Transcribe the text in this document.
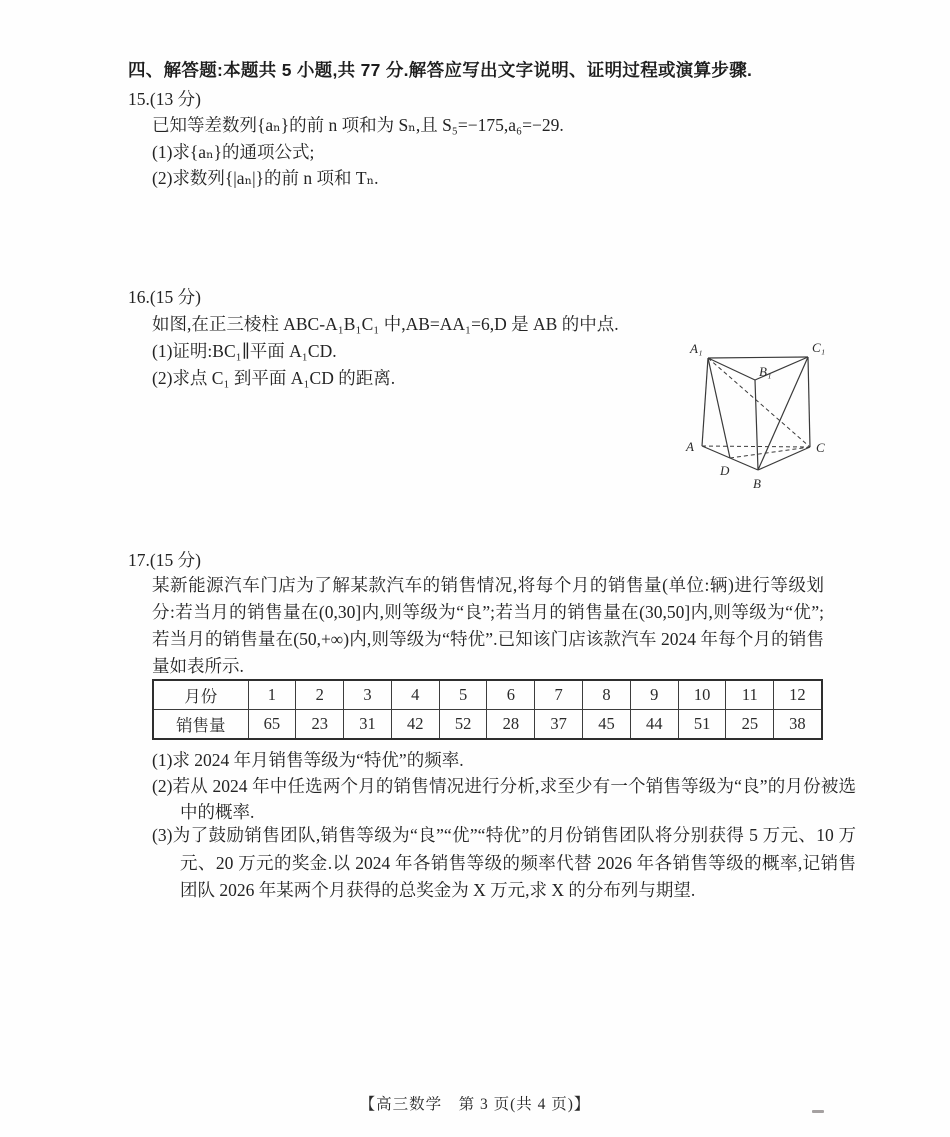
四、解答题:本题共 5 小题,共 77 分.解答应写出文字说明、证明过程或演算步骤.
15.(13 分)
已知等差数列{aₙ}的前 n 项和为 Sₙ,且 S₅=−175,a₆=−29.
(1)求{aₙ}的通项公式;
(2)求数列{|aₙ|}的前 n 项和 Tₙ.
16.(15 分)
如图,在正三棱柱 ABC-A₁B₁C₁ 中,AB=AA₁=6,D 是 AB 的中点.
(1)证明:BC₁∥平面 A₁CD.
(2)求点 C₁ 到平面 A₁CD 的距离.
A₁	C₁
B₁
A	C
D
B
17.(15 分)
某新能源汽车门店为了解某款汽车的销售情况,将每个月的销售量(单位:辆)进行等级划分:若当月的销售量在(0,30]内,则等级为“良”;若当月的销售量在(30,50]内,则等级为“优”;若当月的销售量在(50,+∞)内,则等级为“特优”.已知该门店该款汽车 2024 年每个月的销售量如表所示.
月份	1	2	3	4	5	6	7	8	9	10	11	12
销售量	65	23	31	42	52	28	37	45	44	51	25	38
(1)求 2024 年月销售等级为“特优”的频率.
(2)若从 2024 年中任选两个月的销售情况进行分析,求至少有一个销售等级为“良”的月份被选中的概率.
(3)为了鼓励销售团队,销售等级为“良”“优”“特优”的月份销售团队将分别获得 5 万元、10 万元、20 万元的奖金.以 2024 年各销售等级的频率代替 2026 年各销售等级的概率,记销售团队 2026 年某两个月获得的总奖金为 X 万元,求 X 的分布列与期望.
【高三数学　第 3 页(共 4 页)】
